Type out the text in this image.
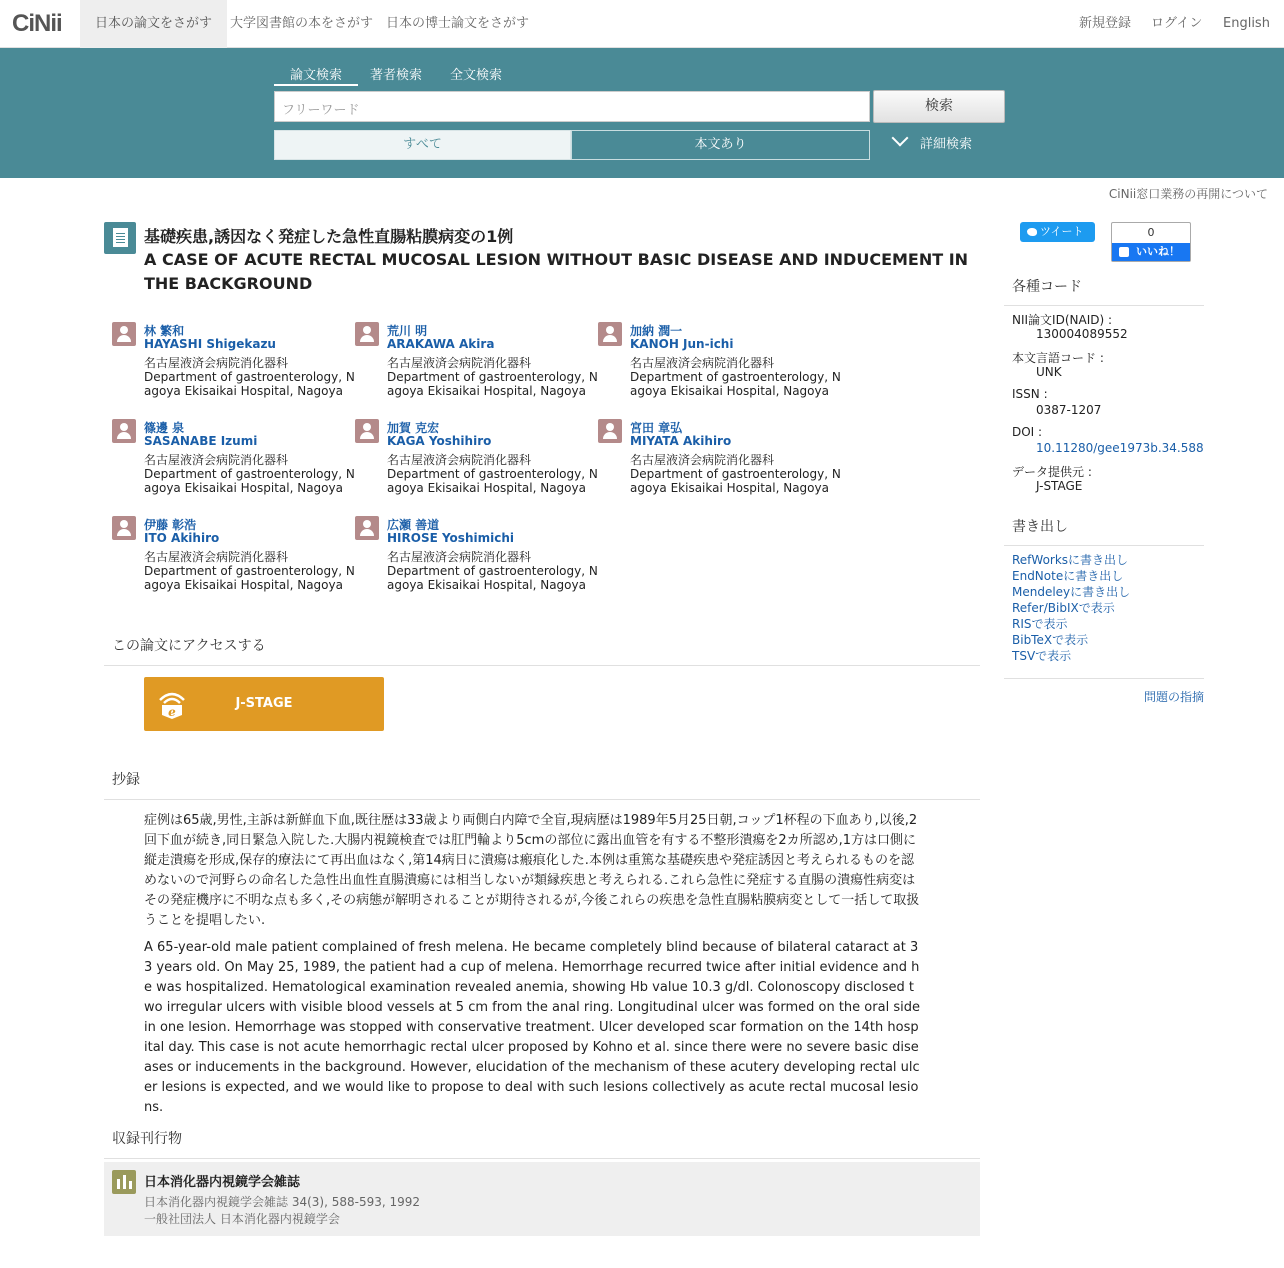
CiNii	日本の論文をさがす	大学図書館の本をさがす 日本の博士論文をさがす	新規登録 ログイン English
論文検索	著者検索 全文検索
フリーワード	検索
すべて	本文あり	詳細検索
CiNii窓口業務の再開について
基礎疾患,誘因なく発症した急性直腸粘膜病変の1例
A CASE OF ACUTE RECTAL MUCOSAL LESION WITHOUT BASIC DISEASE AND INDUCEMENT IN THE BACKGROUND
林 繁和
HAYASHI Shigekazu
名古屋液済会病院消化器科
Department of gastroenterology, N
agoya Ekisaikai Hospital, Nagoya
荒川 明
ARAKAWA Akira
名古屋液済会病院消化器科
Department of gastroenterology, N
agoya Ekisaikai Hospital, Nagoya
加納 潤一
KANOH Jun-ichi
名古屋液済会病院消化器科
Department of gastroenterology, N
agoya Ekisaikai Hospital, Nagoya
篠邊 泉
SASANABE Izumi
名古屋液済会病院消化器科
Department of gastroenterology, N
agoya Ekisaikai Hospital, Nagoya
加賀 克宏
KAGA Yoshihiro
名古屋液済会病院消化器科
Department of gastroenterology, N
agoya Ekisaikai Hospital, Nagoya
宮田 章弘
MIYATA Akihiro
名古屋液済会病院消化器科
Department of gastroenterology, N
agoya Ekisaikai Hospital, Nagoya
伊藤 彰浩
ITO Akihiro
名古屋液済会病院消化器科
Department of gastroenterology, N
agoya Ekisaikai Hospital, Nagoya
広瀬 善道
HIROSE Yoshimichi
名古屋液済会病院消化器科
Department of gastroenterology, N
agoya Ekisaikai Hospital, Nagoya
この論文にアクセスする
e
J-STAGE
抄録
症例は65歳,男性,主訴は新鮮血下血,既往歴は33歳より両側白内障で全盲,現病歴は1989年5月25日朝,コップ1杯程の下血あり,以後,2回下血が続き,同日緊急入院した.大腸内視鏡検査では肛門輪より5cmの部位に露出血管を有する不整形潰瘍を2カ所認め,1方は口側に縦走潰瘍を形成,保存的療法にて再出血はなく,第14病日に潰瘍は瘢痕化した.本例は重篤な基礎疾患や発症誘因と考えられるものを認めないので河野らの命名した急性出血性直腸潰瘍には相当しないが類縁疾患と考えられる.これら急性に発症する直腸の潰瘍性病変はその発症機序に不明な点も多く,その病態が解明されることが期待されるが,今後これらの疾患を急性直腸粘膜病変として一括して取扱うことを提唱したい.
A 65-year-old male patient complained of fresh melena. He became completely blind because of bilateral cataract at 33 years old. On May 25, 1989, the patient had a cup of melena. Hemorrhage recurred twice after initial evidence and he was hospitalized. Hematological examination revealed anemia, showing Hb value 10.3 g/dl. Colonoscopy disclosed two irregular ulcers with visible blood vessels at 5 cm from the anal ring. Longitudinal ulcer was formed on the oral side in one lesion. Hemorrhage was stopped with conservative treatment. Ulcer developed scar formation on the 14th hospital day. This case is not acute hemorrhagic rectal ulcer proposed by Kohno et al. since there were no severe basic diseases or inducements in the background. However, elucidation of the mechanism of these acutery developing rectal ulcer lesions is expected, and we would like to propose to deal with such lesions collectively as acute rectal mucosal lesions.
収録刊行物
日本消化器内視鏡学会雑誌
日本消化器内視鏡学会雑誌 34(3), 588-593, 1992
一般社団法人 日本消化器内視鏡学会
ツイート	0
いいね！
各種コード
NII論文ID(NAID) :
130004089552
本文言語コード :
UNK
ISSN :
0387-1207
DOI :
10.11280/gee1973b.34.588
データ提供元 :
J-STAGE
書き出し
RefWorksに書き出し
EndNoteに書き出し
Mendeleyに書き出し
Refer/BibIXで表示
RISで表示
BibTeXで表示
TSVで表示
問題の指摘
